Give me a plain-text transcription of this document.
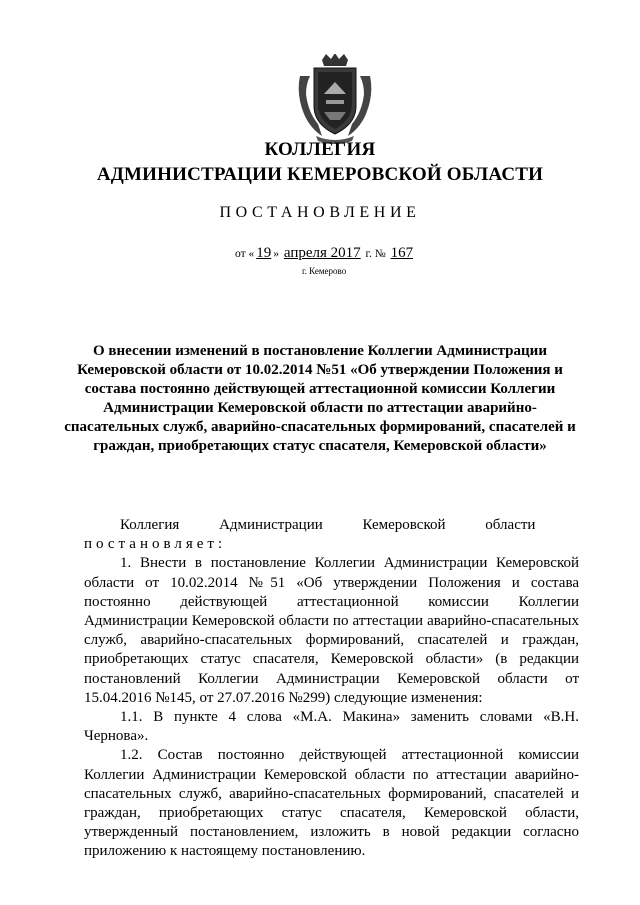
КОЛЛЕГИЯ
АДМИНИСТРАЦИИ КЕМЕРОВСКОЙ ОБЛАСТИ
ПОСТАНОВЛЕНИЕ
от « 19 » апреля 2017 г. № 167
г. Кемерово
О внесении изменений в постановление Коллегии Администрации Кемеровской области от 10.02.2014 №51 «Об утверждении Положения и состава постоянно действующей аттестационной комиссии Коллегии Администрации Кемеровской области по аттестации аварийно-спасательных служб, аварийно-спасательных формирований, спасателей и граждан, приобретающих статус спасателя, Кемеровской области»

Коллегия Администрации Кемеровской области   постановляет:

1. Внести в постановление Коллегии Администрации Кемеровской области от 10.02.2014 №51 «Об утверждении Положения и состава постоянно действующей аттестационной комиссии Коллегии Администрации Кемеровской области по аттестации аварийно-спасательных служб, аварийно-спасательных формирований, спасателей и граждан, приобретающих статус спасателя, Кемеровской области» (в редакции постановлений Коллегии Администрации Кемеровской области от 15.04.2016 №145, от 27.07.2016 №299) следующие изменения:

1.1. В пункте 4 слова «М.А. Макина» заменить словами «В.Н. Чернова».

1.2. Состав постоянно действующей аттестационной комиссии Коллегии Администрации Кемеровской области по аттестации аварийно-спасательных служб, аварийно-спасательных формирований, спасателей и граждан, приобретающих статус спасателя, Кемеровской области, утвержденный постановлением, изложить в новой редакции согласно приложению к настоящему постановлению.
